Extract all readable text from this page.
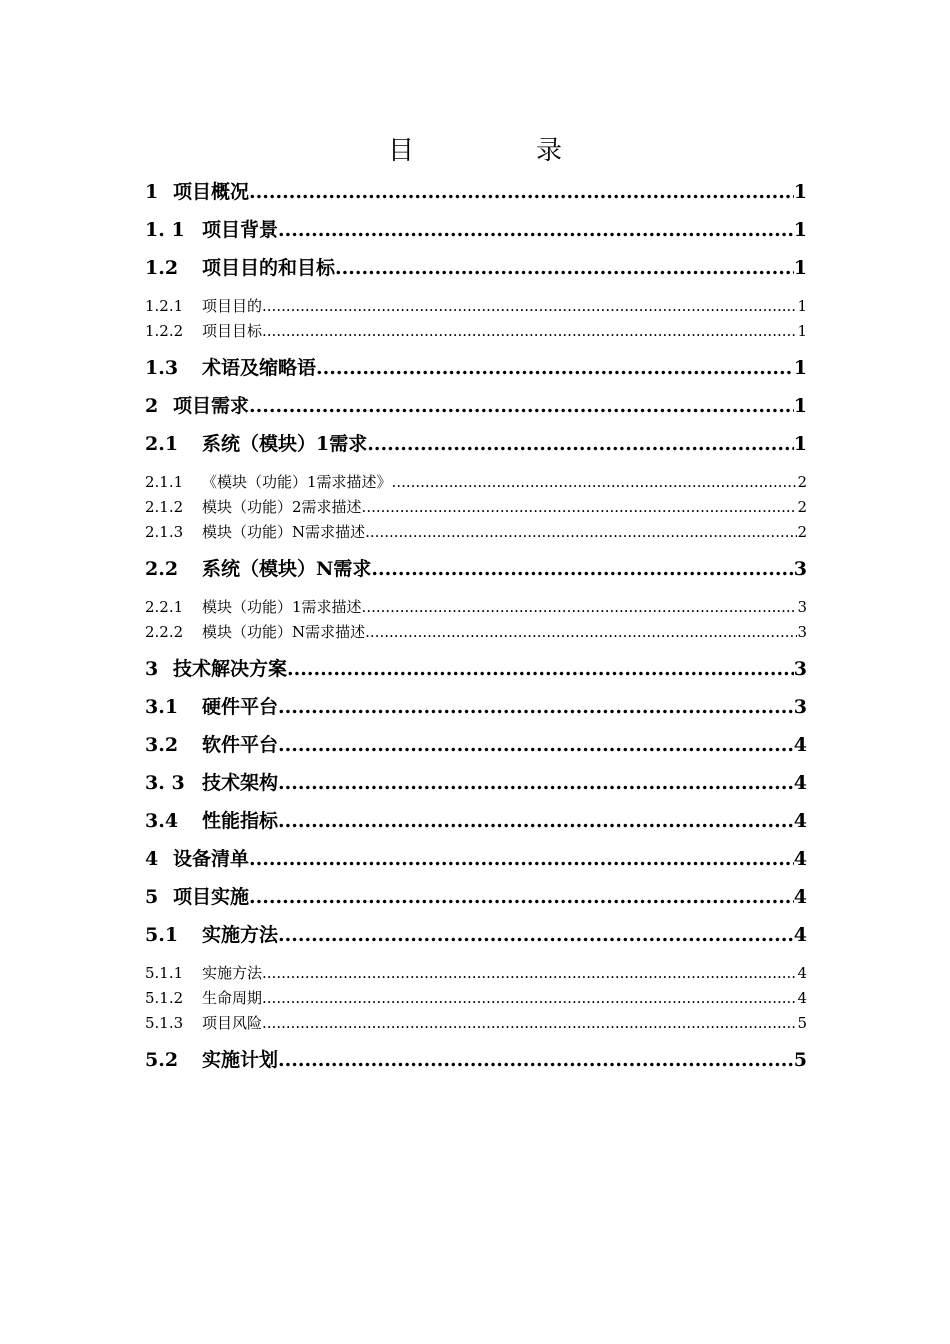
目　录
1 项目概况 .....	1
1. 1 项目背景 .....	1
1.2	项目目的和目标 .....	1
1.2.1	项目目的 .....	1
1.2.2	项目目标 .....	1
1.3	术语及缩略语 .....	1
2 项目需求 .....	1
2.1	系统（模块）1需求 .....	1
2.1.1	《模块（功能）1需求描述》 .....	2
2.1.2	模块（功能）2需求描述 .....	2
2.1.3	模块（功能）N需求描述 .....	2
2.2	系统（模块）N需求 .....	3
2.2.1	模块（功能）1需求描述 .....	3
2.2.2	模块（功能）N需求描述 .....	3
3 技术解决方案 .....	3
3.1	硬件平台 .....	3
3.2	软件平台 .....	4
3. 3 技术架构 .....	4
3.4	性能指标 .....	4
4 设备清单 .....	4
5 项目实施 .....	4
5.1	实施方法 .....	4
5.1.1	实施方法 .....	4
5.1.2	生命周期 .....	4
5.1.3	项目风险 .....	5
5.2	实施计划 .....	5
